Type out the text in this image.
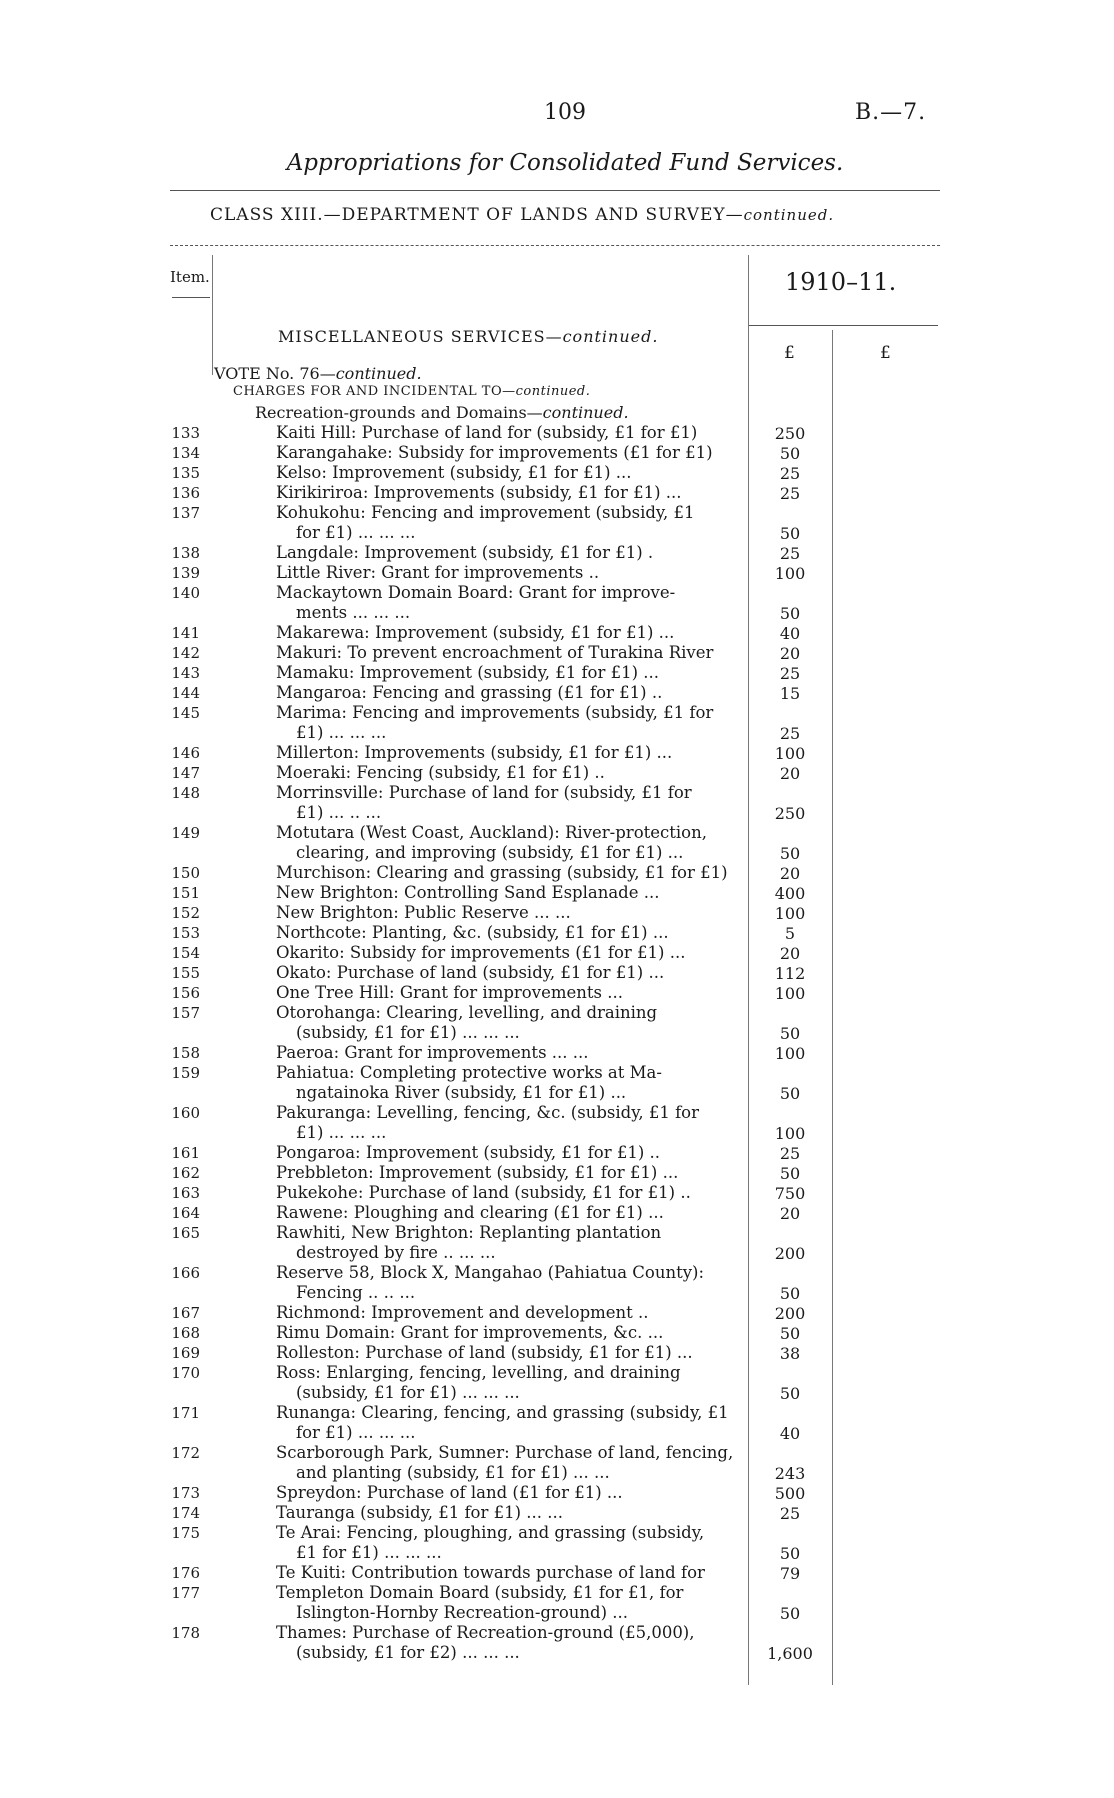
109	B.—7.
Appropriations for Consolidated Fund Services.
CLASS XIII.—DEPARTMENT OF LANDS AND SURVEY—continued.
Item.	1910–11.
MISCELLANEOUS SERVICES—continued.
£	£
VOTE No. 76—continued.
CHARGES FOR AND INCIDENTAL TO—continued.
Recreation-grounds and Domains—continued.
133	Kaiti Hill: Purchase of land for (subsidy, £1 for £1)	250
134	Karangahake: Subsidy for improvements (£1 for £1)	50
135	Kelso: Improvement (subsidy, £1 for £1) ...	25
136	Kirikiriroa: Improvements (subsidy, £1 for £1) ...	25
137	Kohukohu: Fencing and improvement (subsidy, £1
for £1) ... ... ...	50
138	Langdale: Improvement (subsidy, £1 for £1) .	25
139	Little River: Grant for improvements ..	100
140	Mackaytown Domain Board: Grant for improve-
ments ... ... ...	50
141	Makarewa: Improvement (subsidy, £1 for £1) ...	40
142	Makuri: To prevent encroachment of Turakina River	20
143	Mamaku: Improvement (subsidy, £1 for £1) ...	25
144	Mangaroa: Fencing and grassing (£1 for £1) ..	15
145	Marima: Fencing and improvements (subsidy, £1 for
£1) ... ... ...	25
146	Millerton: Improvements (subsidy, £1 for £1) ...	100
147	Moeraki: Fencing (subsidy, £1 for £1) ..	20
148	Morrinsville: Purchase of land for (subsidy, £1 for
£1) ... .. ...	250
149	Motutara (West Coast, Auckland): River-protection,
clearing, and improving (subsidy, £1 for £1) ...	50
150	Murchison: Clearing and grassing (subsidy, £1 for £1)	20
151	New Brighton: Controlling Sand Esplanade ...	400
152	New Brighton: Public Reserve ... ...	100
153	Northcote: Planting, &c. (subsidy, £1 for £1) ...	5
154	Okarito: Subsidy for improvements (£1 for £1) ...	20
155	Okato: Purchase of land (subsidy, £1 for £1) ...	112
156	One Tree Hill: Grant for improvements ...	100
157	Otorohanga: Clearing, levelling, and draining
(subsidy, £1 for £1) ... ... ...	50
158	Paeroa: Grant for improvements ... ...	100
159	Pahiatua: Completing protective works at Ma-
ngatainoka River (subsidy, £1 for £1) ...	50
160	Pakuranga: Levelling, fencing, &c. (subsidy, £1 for
£1) ... ... ...	100
161	Pongaroa: Improvement (subsidy, £1 for £1) ..	25
162	Prebbleton: Improvement (subsidy, £1 for £1) ...	50
163	Pukekohe: Purchase of land (subsidy, £1 for £1) ..	750
164	Rawene: Ploughing and clearing (£1 for £1) ...	20
165	Rawhiti, New Brighton: Replanting plantation
destroyed by fire .. ... ...	200
166	Reserve 58, Block X, Mangahao (Pahiatua County):
Fencing .. .. ...	50
167	Richmond: Improvement and development ..	200
168	Rimu Domain: Grant for improvements, &c. ...	50
169	Rolleston: Purchase of land (subsidy, £1 for £1) ...	38
170	Ross: Enlarging, fencing, levelling, and draining
(subsidy, £1 for £1) ... ... ...	50
171	Runanga: Clearing, fencing, and grassing (subsidy, £1
for £1) ... ... ...	40
172	Scarborough Park, Sumner: Purchase of land, fencing,
and planting (subsidy, £1 for £1) ... ...	243
173	Spreydon: Purchase of land (£1 for £1) ...	500
174	Tauranga (subsidy, £1 for £1) ... ...	25
175	Te Arai: Fencing, ploughing, and grassing (subsidy,
£1 for £1) ... ... ...	50
176	Te Kuiti: Contribution towards purchase of land for	79
177	Templeton Domain Board (subsidy, £1 for £1, for
Islington-Hornby Recreation-ground) ...	50
178	Thames: Purchase of Recreation-ground (£5,000),
(subsidy, £1 for £2) ... ... ...	1,600
